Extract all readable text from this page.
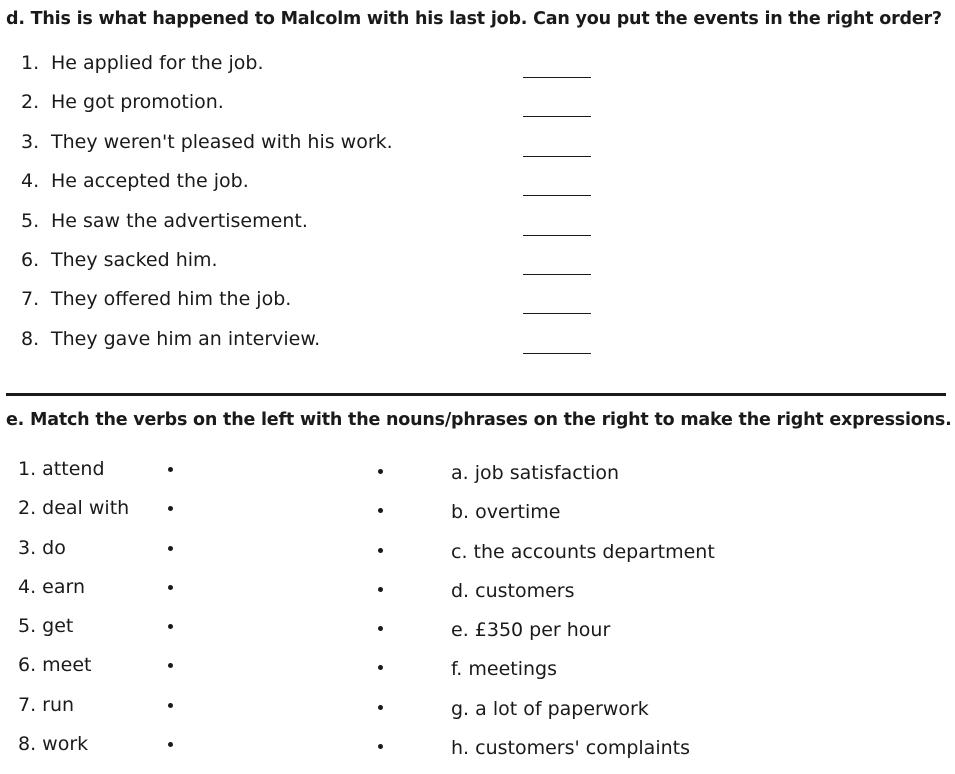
d. This is what happened to Malcolm with his last job. Can you put the events in the right order?
1. He applied for the job.
2. He got promotion.
3. They weren't pleased with his work.
4. He accepted the job.
5. He saw the advertisement.
6. They sacked him.
7. They offered him the job.
8. They gave him an interview.
e. Match the verbs on the left with the nouns/phrases on the right to make the right expressions.
1. attend
2. deal with
3. do
4. earn
5. get
6. meet
7. run
8. work
a. job satisfaction
b. overtime
c. the accounts department
d. customers
e. £350 per hour
f. meetings
g. a lot of paperwork
h. customers' complaints
